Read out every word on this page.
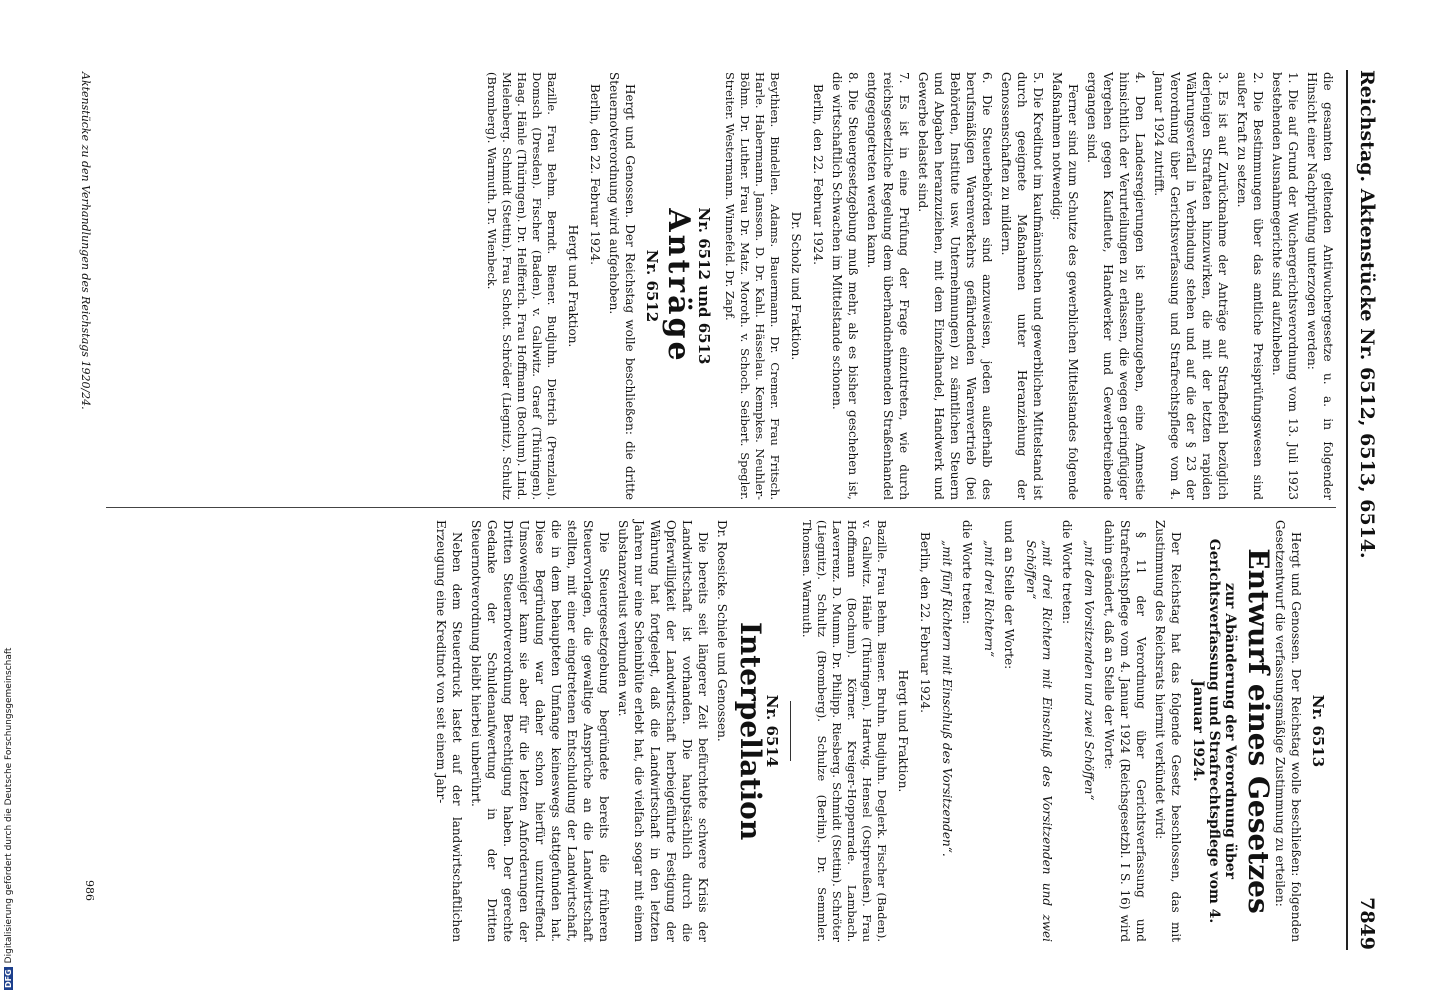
Reichstag. Aktenstücke Nr. 6512, 6513, 6514.
7849

die gesamten geltenden Antiwuchergesetze u. a. in folgender Hinsicht einer Nachprüfung unterzogen werden:

1. Die auf Grund der Wuchergerichtsverordnung vom 13. Juli 1923 bestehenden Ausnahmegerichte sind aufzuheben.

2. Die Bestimmungen über das amtliche Preisprüfungswesen sind außer Kraft zu setzen.

3. Es ist auf Zurücknahme der Anträge auf Strafbefehl bezüglich derjenigen Straftaten hinzuwirken, die mit der letzten rapiden Währungsverfall in Verbindung stehen und auf die der § 23 der Verordnung über Gerichtsverfassung und Strafrechtspflege vom 4. Januar 1924 zutrifft.

4. Den Landesregierungen ist anheimzugeben, eine Amnestie hinsichtlich der Verurteilungen zu erlassen, die wegen geringfügiger Vergehen gegen Kaufleute, Handwerker und Gewerbetreibende ergangen sind.

Ferner sind zum Schutze des gewerblichen Mittelstandes folgende Maßnahmen notwendig:

5. Die Kreditnot im kaufmännischen und gewerblichen Mittelstand ist durch geeignete Maßnahmen unter Heranziehung der Genossenschaften zu mildern.

6. Die Steuerbehörden sind anzuweisen, jeden außerhalb des berufsmäßigen Warenverkehrs gefährdenden Warenvertrieb (bei Behörden, Institute usw. Unternehmungen) zu sämtlichen Steuern und Abgaben heranzuziehen, mit dem Einzelhandel, Handwerk und Gewerbe belastet sind.

7. Es ist in eine Prüfung der Frage einzutreten, wie durch reichsgesetzliche Regelung dem überhandnehmenden Straßenhandel entgegengetreten werden kann.

8. Die Steuergesetzgebung muß mehr, als es bisher geschehen ist, die wirtschaftlich Schwachen im Mittelstande schonen.

Berlin, den 22. Februar 1924.

Dr. Scholz und Fraktion.

Beythien. Bindellen. Adams. Bauermann. Dr. Cremer. Frau Fritsch. Harle. Habermann. Jansson. D. Dr. Kahl. Hässelau. Kempkes. Neuhler-Böhm. Dr. Luther. Frau Dr. Matz. Moroth. v. Schoch. Seibert. Spegler. Streiter. Westermann. Winnefeld. Dr. Zapf.

Nr. 6512 und 6513

Anträge

Nr. 6512

Hergt und Genossen. Der Reichstag wolle beschließen: die dritte Steuernotverordnung wird aufgehoben.

Berlin, den 22. Februar 1924.

Hergt und Fraktion.

Bazille. Frau Behm. Berndt. Biener. Budjuhn. Dietrich (Prenzlau). Domsch (Dresden). Fischer (Baden). v. Gallwitz. Graef (Thüringen). Haag. Hänle (Thüringen). Dr. Helfferich. Frau Hoffmann (Bochum). Lind. Mielenberg. Schmidt (Stettin). Frau Schott. Schröder (Liegnitz). Schultz (Bromberg). Warmuth. Dr. Wienbeck.

Nr. 6513

Hergt und Genossen. Der Reichstag wolle beschließen: folgenden Gesetzentwurf die verfassungsmäßige Zustimmung zu erteilen:

Entwurf eines Gesetzes

zur Abänderung der Verordnung über Gerichtsverfassung und Strafrechtspflege vom 4. Januar 1924.

Der Reichstag hat das folgende Gesetz beschlossen, das mit Zustimmung des Reichsrats hiermit verkündet wird:

§ 11 der Verordnung über Gerichtsverfassung und Strafrechtspflege vom 4. Januar 1924 (Reichsgesetzbl. I S. 16) wird dahin geändert, daß an Stelle der Worte:

„mit dem Vorsitzenden und zwei Schöffen“

die Worte treten:

„mit drei Richtern mit Einschluß des Vorsitzenden und zwei Schöffen“

und an Stelle der Worte:

„mit drei Richtern“

die Worte treten:

„mit fünf Richtern mit Einschluß des Vorsitzenden“.

Berlin, den 22. Februar 1924.

Hergt und Fraktion.

Bazille. Frau Behm. Biener. Bruhn. Budjuhn. Deglerk. Fischer (Baden). v. Gallwitz. Hänle (Thüringen). Hartwig. Hensel (Ostpreußen). Frau Hoffmann (Bochum). Körner. Kreiger-Hoppenrade. Lambach. Laverrenz. D. Mumm. Dr. Philipp. Riesberg. Schmidt (Stettin). Schröter (Liegnitz). Schultz (Bromberg). Schulze (Berlin). Dr. Semmler. Thomsen. Warmuth.

Nr. 6514

Interpellation

Dr. Roesicke. Schiele und Genossen.

Die bereits seit längerer Zeit befürchtete schwere Krisis der Landwirtschaft ist vorhanden. Die hauptsächlich durch die Opferwilligkeit der Landwirtschaft herbeigeführte Festigung der Währung hat fortgelegt, daß die Landwirtschaft in den letzten Jahren nur eine Scheinblüte erlebt hat, die vielfach sogar mit einem Substanzverlust verbunden war.

Die Steuergesetzgebung begründete bereits die früheren Steuervorlagen, die gewaltige Ansprüche an die Landwirtschaft stellten, mit einer eingetretenen Entschuldung der Landwirtschaft, die in dem behaupteten Umfange keineswegs stattgefunden hat. Diese Begründung war daher schon hierfür unzutreffend. Umsoweniger kann sie aber für die letzten Anforderungen der Dritten Steuernotverordnung Berechtigung haben. Der gerechte Gedanke der Schuldenaufwertung in der Dritten Steuernotverordnung bleibt hierbei unberührt.

Neben dem Steuerdruck lastet auf der landwirtschaftlichen Erzeugung eine Kreditnot von seit einem Jahr-

Aktenstücke zu den Verhandlungen des Reichstags 1920/24.
986
DFGDigitalisierung gefördert durch die Deutsche Forschungsgemeinschaft
